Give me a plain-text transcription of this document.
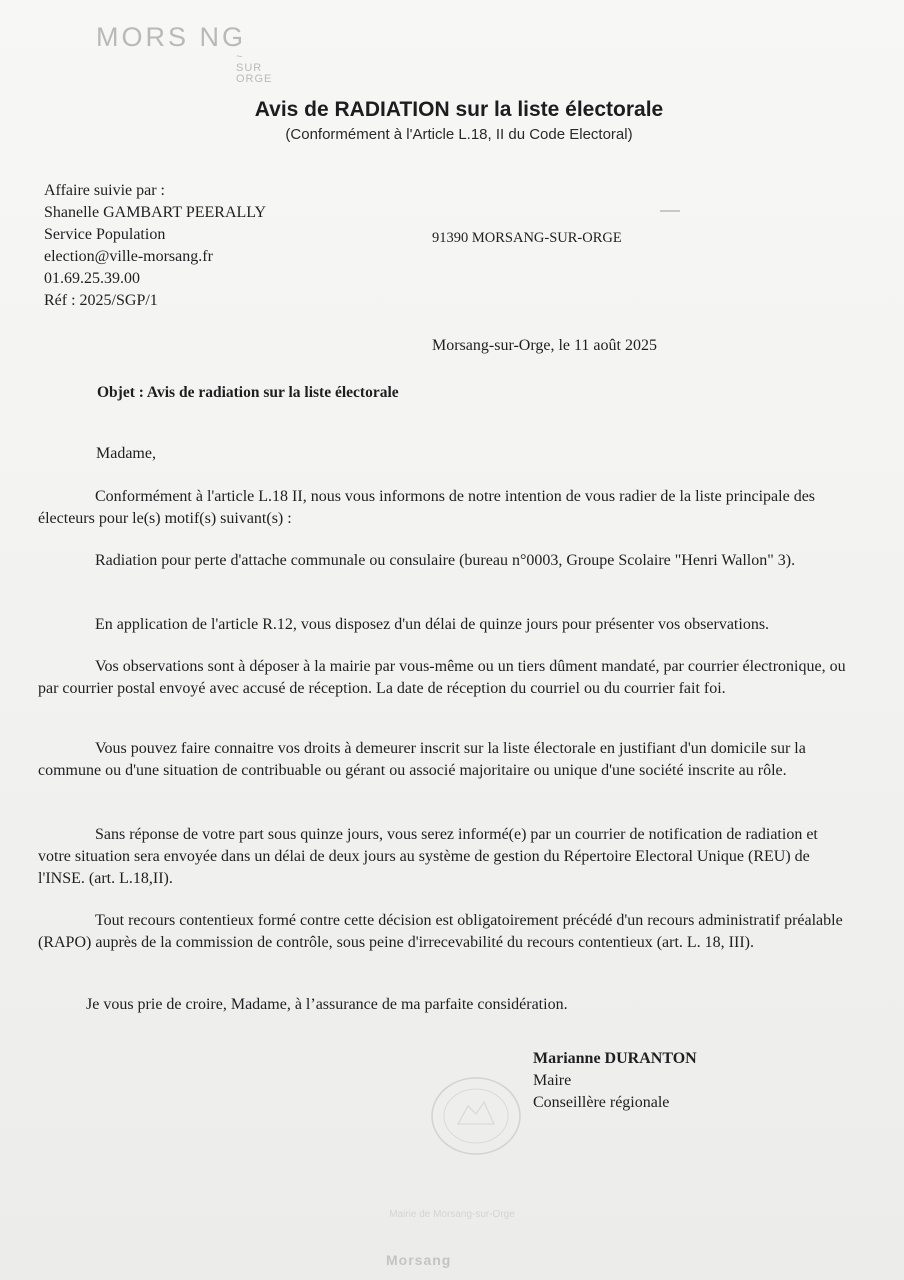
MORS NG
~ SUR
ORGE
Avis de RADIATION sur la liste électorale
(Conformément à l'Article L.18, II du Code Electoral)
Affaire suivie par :
Shanelle GAMBART PEERALLY
Service Population
election@ville-morsang.fr
01.69.25.39.00
Réf : 2025/SGP/1
91390 MORSANG-SUR-ORGE
Morsang-sur-Orge, le 11 août 2025
Objet : Avis de radiation sur la liste électorale
Madame,

Conformément à l'article L.18 II, nous vous informons de notre intention de vous radier de la liste principale des électeurs pour le(s) motif(s) suivant(s) :

Radiation pour perte d'attache communale ou consulaire (bureau n°0003, Groupe Scolaire "Henri Wallon" 3).

En application de l'article R.12, vous disposez d'un délai de quinze jours pour présenter vos observations.

Vos observations sont à déposer à la mairie par vous-même ou un tiers dûment mandaté, par courrier électronique, ou par courrier postal envoyé avec accusé de réception. La date de réception du courriel ou du courrier fait foi.

Vous pouvez faire connaitre vos droits à demeurer inscrit sur la liste électorale en justifiant d'un domicile sur la commune ou d'une situation de contribuable ou gérant ou associé majoritaire ou unique d'une société inscrite au rôle.

Sans réponse de votre part sous quinze jours, vous serez informé(e) par un courrier de notification de radiation et votre situation sera envoyée dans un délai de deux jours au système de gestion du Répertoire Electoral Unique (REU) de l'INSE. (art. L.18,II).

Tout recours contentieux formé contre cette décision est obligatoirement précédé d'un recours administratif préalable (RAPO) auprès de la commission de contrôle, sous peine d'irrecevabilité du recours contentieux (art. L. 18, III).

Je vous prie de croire, Madame, à l’assurance de ma parfaite considération.
Marianne DURANTON
Maire
Conseillère régionale
Mairie de Morsang-sur-Orge
Morsang
